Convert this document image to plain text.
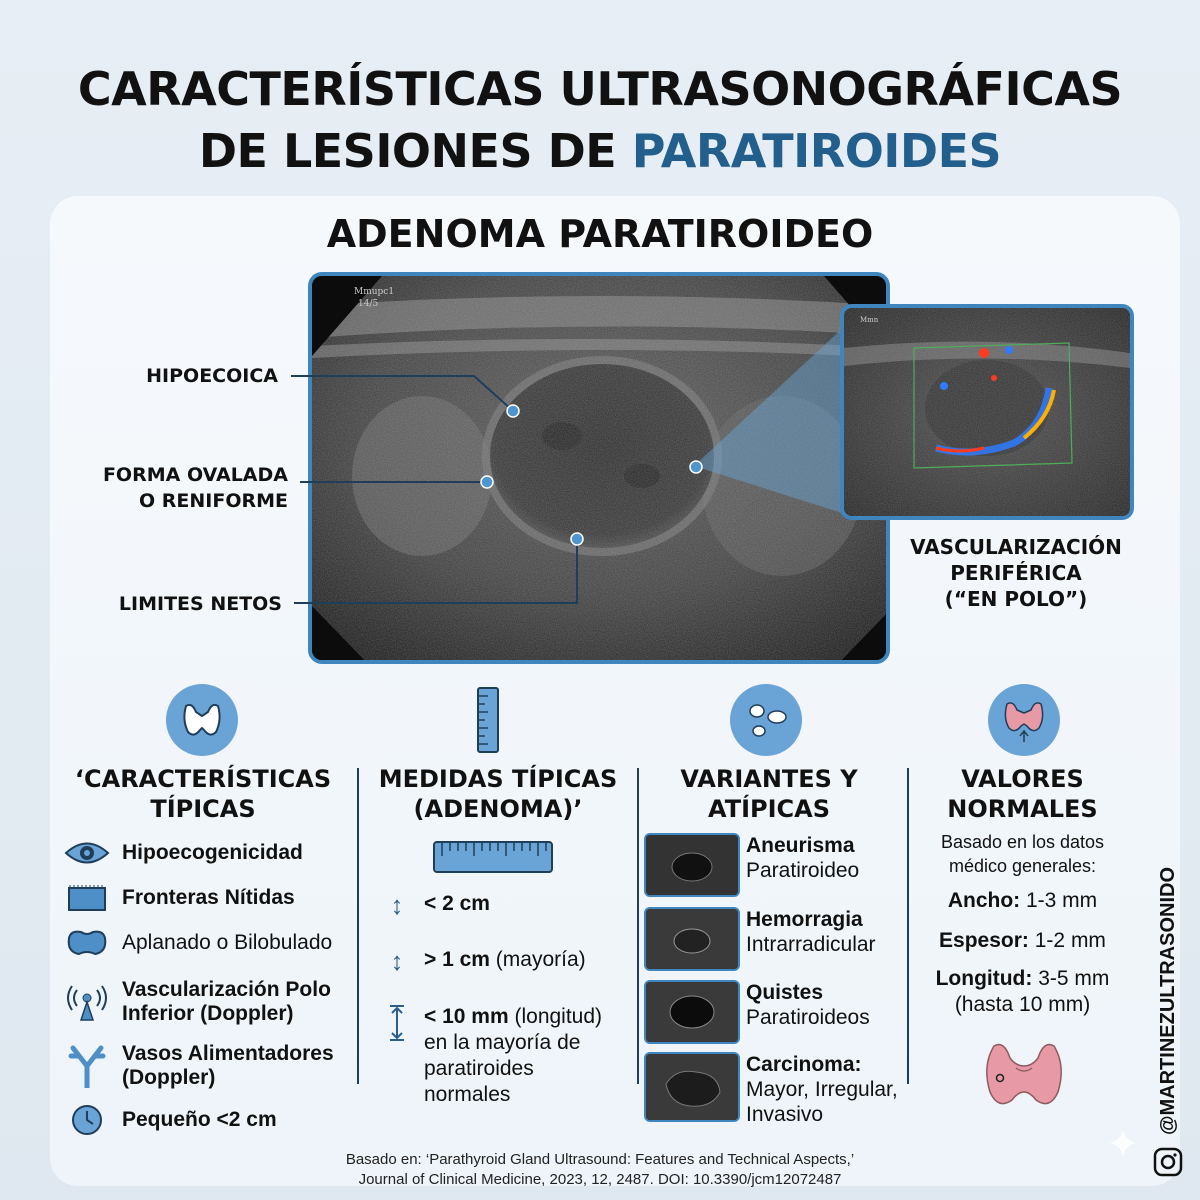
CARACTERÍSTICAS ULTRASONOGRÁFICAS
DE LESIONES DE PARATIROIDES
ADENOMA PARATIROIDEO
Mmupc1
14/5
Mmn
HIPOECOICA
FORMA OVALADA
O RENIFORME
LIMITES NETOS
VASCULARIZACIÓN
PERIFÉRICA
(“EN POLO”)
‘CARACTERÍSTICAS
TÍPICAS
MEDIDAS TÍPICAS
(ADENOMA)’
VARIANTES Y
ATÍPICAS
VALORES
NORMALES
Hipoecogenicidad
Fronteras Nítidas
Aplanado o Bilobulado
Vascularización Polo
Inferior (Doppler)
Vasos Alimentadores
(Doppler)
Pequeño <2 cm
↕ < 2 cm
↕ > 1 cm (mayoría)
< 10 mm (longitud)
en la mayoría de
paratiroides
normales
Aneurisma
Paratiroideo
Hemorragia
Intrarradicular
Quistes
Paratiroideos
Carcinoma:
Mayor, Irregular,
Invasivo
Basado en los datos
médico generales:
Ancho: 1-3 mm
Espesor: 1-2 mm
Longitud: 3-5 mm
(hasta 10 mm)
Basado en: ‘Parathyroid Gland Ultrasound: Features and Technical Aspects,’
Journal of Clinical Medicine, 2023, 12, 2487. DOI: 10.3390/jcm12072487
@MARTINEZULTRASONIDO
